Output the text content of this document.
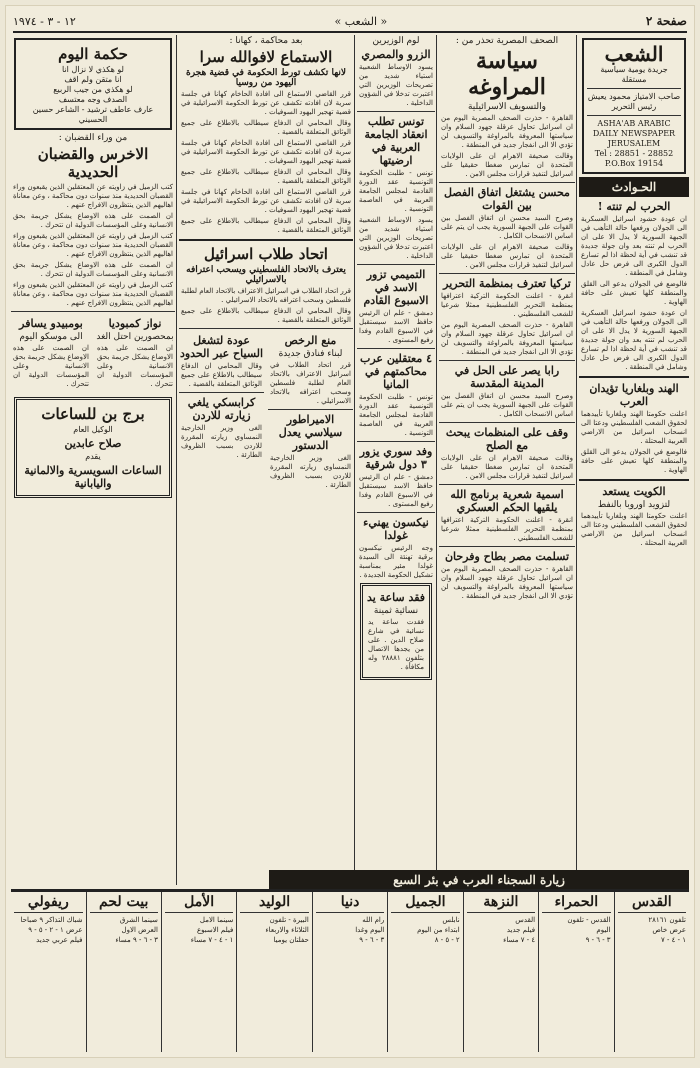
صفحة ٢
« الشعب »
١٢ - ٣ - ١٩٧٤
الشعب
جريدة يومية سياسية مستقلة
صاحب الامتياز محمود يعيش
رئيس التحرير
ASHA'AB ARABIC DAILY NEWSPAPER JERUSALEM
Tel : 28851 - 28852
P.O.Box 19154
الحـوادث
الحرب لم تنته !
ان عودة حشود اسرائيل العسكرية الى الجولان ورفعها حالة التأهب في الجبهة السورية لا يدل الا على ان الحرب لم تنته بعد وان جولة جديدة قد تنشب في أية لحظة اذا لم تسارع الدول الكبرى الى فرض حل عادل وشامل في المنطقة .
فالوضع في الجولان يدعو الى القلق والمنطقة كلها تعيش على حافة الهاوية .
ان عودة حشود اسرائيل العسكرية الى الجولان ورفعها حالة التأهب في الجبهة السورية لا يدل الا على ان الحرب لم تنته بعد وان جولة جديدة قد تنشب في أية لحظة اذا لم تسارع الدول الكبرى الى فرض حل عادل وشامل في المنطقة .
الهند وبلغاريا تؤيدان العرب
اعلنت حكومتا الهند وبلغاريا تأييدهما لحقوق الشعب الفلسطيني ودعتا الى انسحاب اسرائيل من الاراضي العربية المحتلة .
فالوضع في الجولان يدعو الى القلق والمنطقة كلها تعيش على حافة الهاوية .
الكويت يستعد
لتزويد اوروبا بالنفط
اعلنت حكومتا الهند وبلغاريا تأييدهما لحقوق الشعب الفلسطيني ودعتا الى انسحاب اسرائيل من الاراضي العربية المحتلة .
الصحف المصرية تحذر من :
سياسة المراوغه
والتسويف الاسرائيلية
القاهرة - حذرت الصحف المصرية اليوم من ان اسرائيل تحاول عرقلة جهود السلام وان سياستها المعروفة بالمراوغة والتسويف لن تؤدي الا الى انفجار جديد في المنطقة .
وقالت صحيفة الاهرام ان على الولايات المتحدة ان تمارس ضغطا حقيقيا على اسرائيل لتنفيذ قرارات مجلس الامن .
محسن يشتغل اتفاق الفصل بين القوات
وصرح السيد محسن ان اتفاق الفصل بين القوات على الجبهة السورية يجب ان يتم على اساس الانسحاب الكامل .
وقالت صحيفة الاهرام ان على الولايات المتحدة ان تمارس ضغطا حقيقيا على اسرائيل لتنفيذ قرارات مجلس الامن .
تركيا تعترف بمنظمة التحرير
انقرة - اعلنت الحكومة التركية اعترافها بمنظمة التحرير الفلسطينية ممثلا شرعيا للشعب الفلسطيني .
القاهرة - حذرت الصحف المصرية اليوم من ان اسرائيل تحاول عرقلة جهود السلام وان سياستها المعروفة بالمراوغة والتسويف لن تؤدي الا الى انفجار جديد في المنطقة .
رابا يصر على الحل في المدينة المقدسة
وصرح السيد محسن ان اتفاق الفصل بين القوات على الجبهة السورية يجب ان يتم على اساس الانسحاب الكامل .
وقف على المنظمات يبحث مع الصلح
وقالت صحيفة الاهرام ان على الولايات المتحدة ان تمارس ضغطا حقيقيا على اسرائيل لتنفيذ قرارات مجلس الامن .
اسمية شعرية برنامج الله يلقيها الحكم العسكري
انقرة - اعلنت الحكومة التركية اعترافها بمنظمة التحرير الفلسطينية ممثلا شرعيا للشعب الفلسطيني .
تسلمت مصر بطاح وفرحان
القاهرة - حذرت الصحف المصرية اليوم من ان اسرائيل تحاول عرقلة جهود السلام وان سياستها المعروفة بالمراوغة والتسويف لن تؤدي الا الى انفجار جديد في المنطقة .
لوم الوزيرين
الزرو والمصري
يسود الاوساط الشعبية استياء شديد من تصريحات الوزيرين التي اعتبرت تدخلا في الشؤون الداخلية .
تونس تطلب انعقاد الجامعة العربية في ارضيتها
تونس - طلبت الحكومة التونسية عقد الدورة القادمة لمجلس الجامعة العربية في العاصمة التونسية .
يسود الاوساط الشعبية استياء شديد من تصريحات الوزيرين التي اعتبرت تدخلا في الشؤون الداخلية .
التميمي تزور الاسد في الاسبوع القادم
دمشق - علم ان الرئيس حافظ الاسد سيستقبل في الاسبوع القادم وفدا رفيع المستوى .
٤ معتقلين عرب محاكمتهم في المانيا
تونس - طلبت الحكومة التونسية عقد الدورة القادمة لمجلس الجامعة العربية في العاصمة التونسية .
وفد سوري يزور ٣ دول شرقية
دمشق - علم ان الرئيس حافظ الاسد سيستقبل في الاسبوع القادم وفدا رفيع المستوى .
نيكسون يهنيء غولدا
وجه الرئيس نيكسون برقية تهنئة الى السيدة غولدا مئير بمناسبة تشكيل الحكومة الجديدة .
فقد ساعة يد
نسائية ثمينة
فقدت ساعة يد نسائية في شارع صلاح الدين . على من يجدها الاتصال بتلفون ٢٨٨٨١ وله مكافأة .
بعد محاكمة ، كهانا :
الاستماع لافوالله سرا
لانها تكشف تورط الحكومة في قضية هجرة اليهود من روسيا
قرر القاضي الاستماع الى افادة الحاخام كهانا في جلسة سرية لان افادته تكشف عن تورط الحكومة الاسرائيلية في قضية تهجير اليهود السوفيات .
وقال المحامي ان الدفاع سيطالب بالاطلاع على جميع الوثائق المتعلقة بالقضية .
قرر القاضي الاستماع الى افادة الحاخام كهانا في جلسة سرية لان افادته تكشف عن تورط الحكومة الاسرائيلية في قضية تهجير اليهود السوفيات .
وقال المحامي ان الدفاع سيطالب بالاطلاع على جميع الوثائق المتعلقة بالقضية .
قرر القاضي الاستماع الى افادة الحاخام كهانا في جلسة سرية لان افادته تكشف عن تورط الحكومة الاسرائيلية في قضية تهجير اليهود السوفيات .
وقال المحامي ان الدفاع سيطالب بالاطلاع على جميع الوثائق المتعلقة بالقضية .
اتحاد طلاب اسرائيل
يعترف بالاتحاد الفلسطيني ويسحب اعترافه بالاسرائيلي
قرر اتحاد الطلاب في اسرائيل الاعتراف بالاتحاد العام لطلبة فلسطين وسحب اعترافه بالاتحاد الاسرائيلي .
وقال المحامي ان الدفاع سيطالب بالاطلاع على جميع الوثائق المتعلقة بالقضية .
منع الرخص
لبناء فنادق جديدة
قرر اتحاد الطلاب في اسرائيل الاعتراف بالاتحاد العام لطلبة فلسطين وسحب اعترافه بالاتحاد الاسرائيلي .
الاميراطور سيلاسي يعدل الدستور
الغى وزير الخارجية النمساوي زيارته المقررة للاردن بسبب الظروف الطارئة .
عودة لتشغل السياح عبر الحدود
وقال المحامي ان الدفاع سيطالب بالاطلاع على جميع الوثائق المتعلقة بالقضية .
كرابسكي يلغي زيارته للاردن
الغى وزير الخارجية النمساوي زيارته المقررة للاردن بسبب الظروف الطارئة .
حكمة اليوم
لو هكذي لا نزال انا
انا متقن ولم اقف
لو هكذي من جيب الربيع
الصدف وجه معتسف
عارف عاطف ترشيد - الشاعر حسين الحسيني
من وراء القضبان :
الاخرس والقضبان الحديدية
كتب الزميل في زاويته عن المعتقلين الذين يقبعون وراء القضبان الحديدية منذ سنوات دون محاكمة ، وعن معاناة اهاليهم الذين ينتظرون الافراج عنهم .
ان الصمت على هذه الاوضاع يشكل جريمة بحق الانسانية وعلى المؤسسات الدولية ان تتحرك .
كتب الزميل في زاويته عن المعتقلين الذين يقبعون وراء القضبان الحديدية منذ سنوات دون محاكمة ، وعن معاناة اهاليهم الذين ينتظرون الافراج عنهم .
ان الصمت على هذه الاوضاع يشكل جريمة بحق الانسانية وعلى المؤسسات الدولية ان تتحرك .
كتب الزميل في زاويته عن المعتقلين الذين يقبعون وراء القضبان الحديدية منذ سنوات دون محاكمة ، وعن معاناة اهاليهم الذين ينتظرون الافراج عنهم .
نواز كمبوديا
بمحصورين احتل الغد
ان الصمت على هذه الاوضاع يشكل جريمة بحق الانسانية وعلى المؤسسات الدولية ان تتحرك .
بومبيدو يسافر
الى موسكو اليوم
ان الصمت على هذه الاوضاع يشكل جريمة بحق الانسانية وعلى المؤسسات الدولية ان تتحرك .
برج بن للساعات
الوكيل العام
صلاح عابدين
يقدم
الساعات السويسرية والالمانية واليابانية
زيارة السجناء العرب في بئر السبع
القدس
تلفون ٢٨١٦١
عرض خاص
١ - ٤ - ٧
الحمراء
القدس - تلفون
اليوم
٣ - ٦ - ٩
النزهة
القدس
فيلم جديد
٤ - ٧ مساء
الجميل
نابلس
ابتداء من اليوم
٢ - ٥ - ٨
دنيا
رام الله
اليوم وغدا
٣ - ٦ - ٩
الوليد
البيرة - تلفون
الثلاثاء والاربعاء
حفلتان يوميا
الأمل
سينما الامل
فيلم الاسبوع
١ - ٤ - ٧ مساء
بيت لحم
سينما الشرق
العرض الاول
٣ - ٦ - ٩ مساء
ريفولي
شباك التذاكر ٩ صباحا
عرض ١ - ٢ - ٥ - ٩
فيلم عربي جديد
